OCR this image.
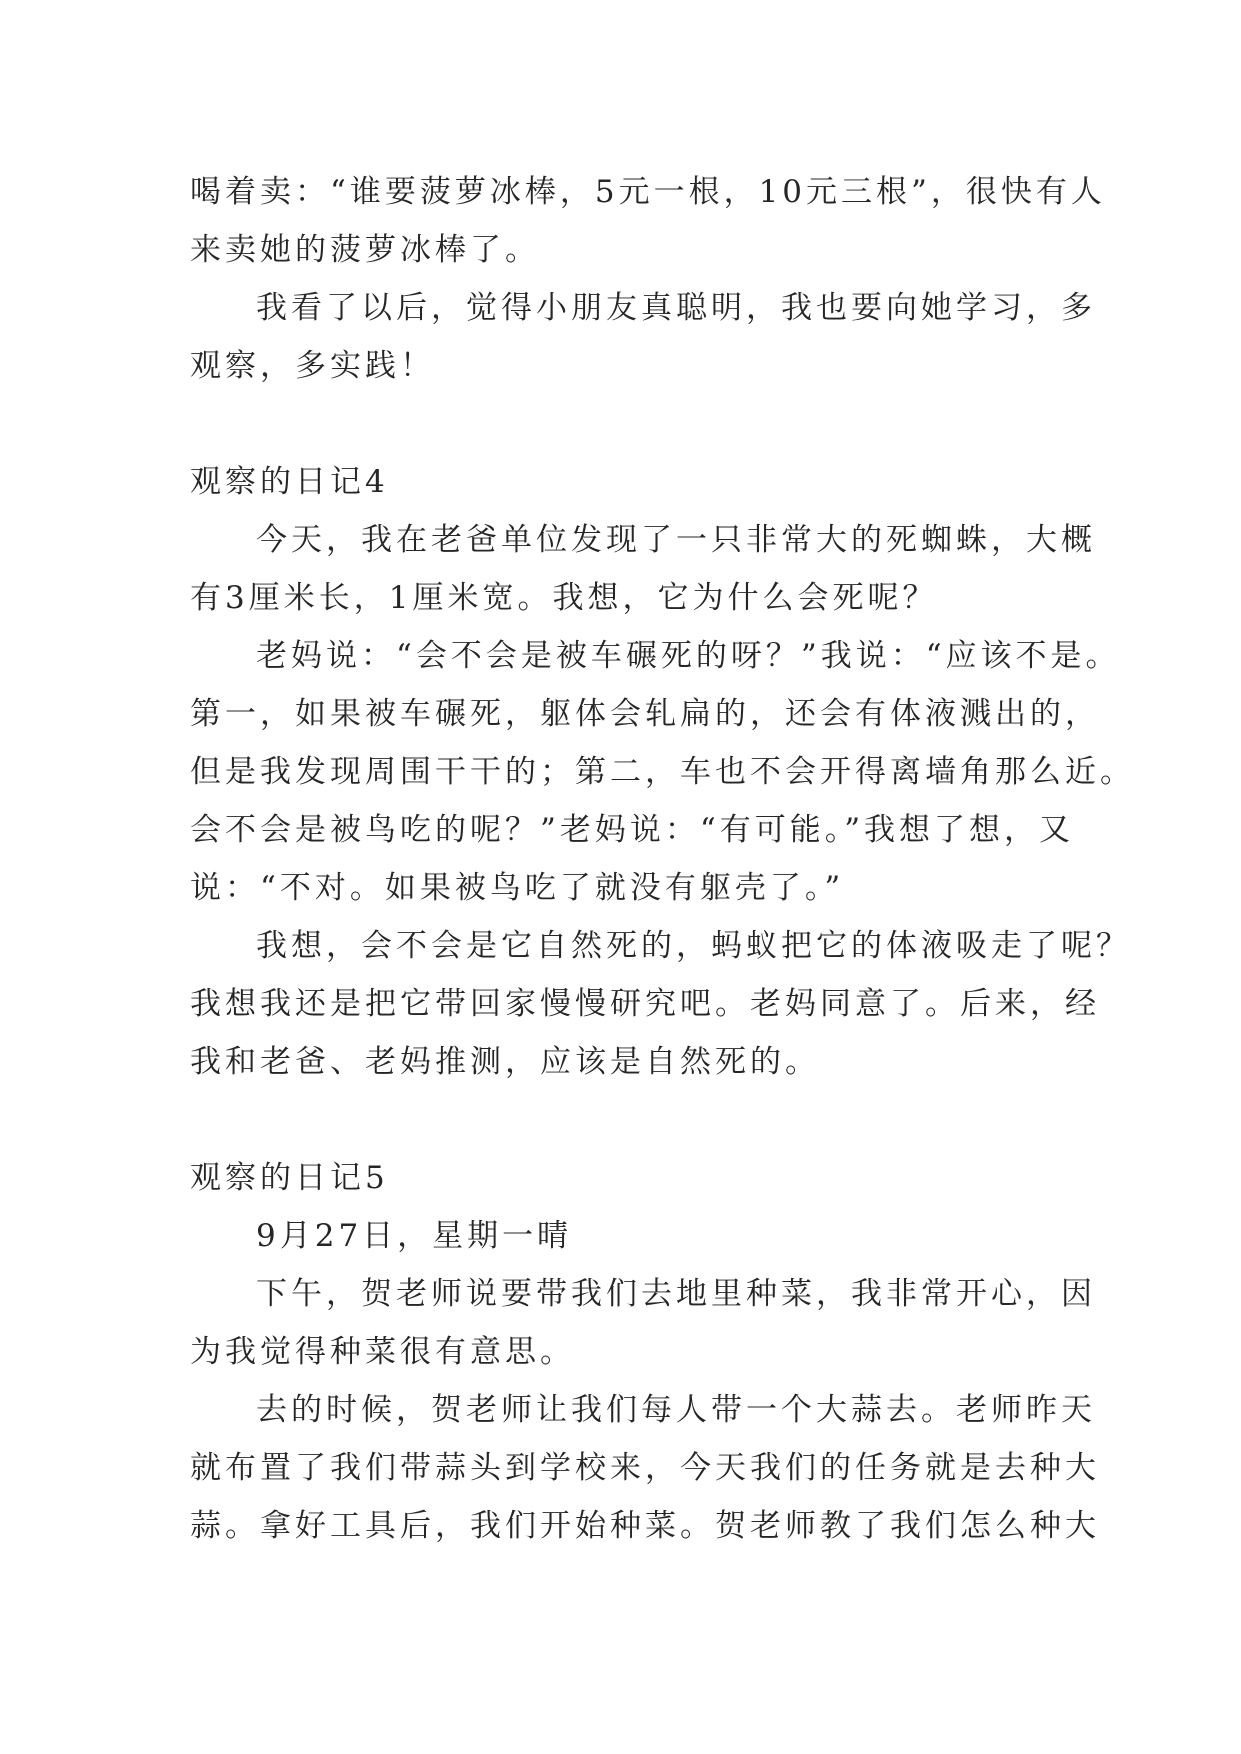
喝着卖：“谁要菠萝冰棒，5元一根，10元三根”，很快有人
来卖她的菠萝冰棒了。
我看了以后，觉得小朋友真聪明，我也要向她学习，多
观察，多实践！
观察的日记4
今天，我在老爸单位发现了一只非常大的死蜘蛛，大概
有3厘米长，1厘米宽。我想，它为什么会死呢？
老妈说：“会不会是被车碾死的呀？”我说：“应该不是。
第一，如果被车碾死，躯体会轧扁的，还会有体液溅出的，
但是我发现周围干干的；第二，车也不会开得离墙角那么近。
会不会是被鸟吃的呢？”老妈说：“有可能。”我想了想，又
说：“不对。如果被鸟吃了就没有躯壳了。”
我想，会不会是它自然死的，蚂蚁把它的体液吸走了呢？
我想我还是把它带回家慢慢研究吧。老妈同意了。后来，经
我和老爸、老妈推测，应该是自然死的。
观察的日记5
9月27日，星期一晴
下午，贺老师说要带我们去地里种菜，我非常开心，因
为我觉得种菜很有意思。
去的时候，贺老师让我们每人带一个大蒜去。老师昨天
就布置了我们带蒜头到学校来，今天我们的任务就是去种大
蒜。拿好工具后，我们开始种菜。贺老师教了我们怎么种大
